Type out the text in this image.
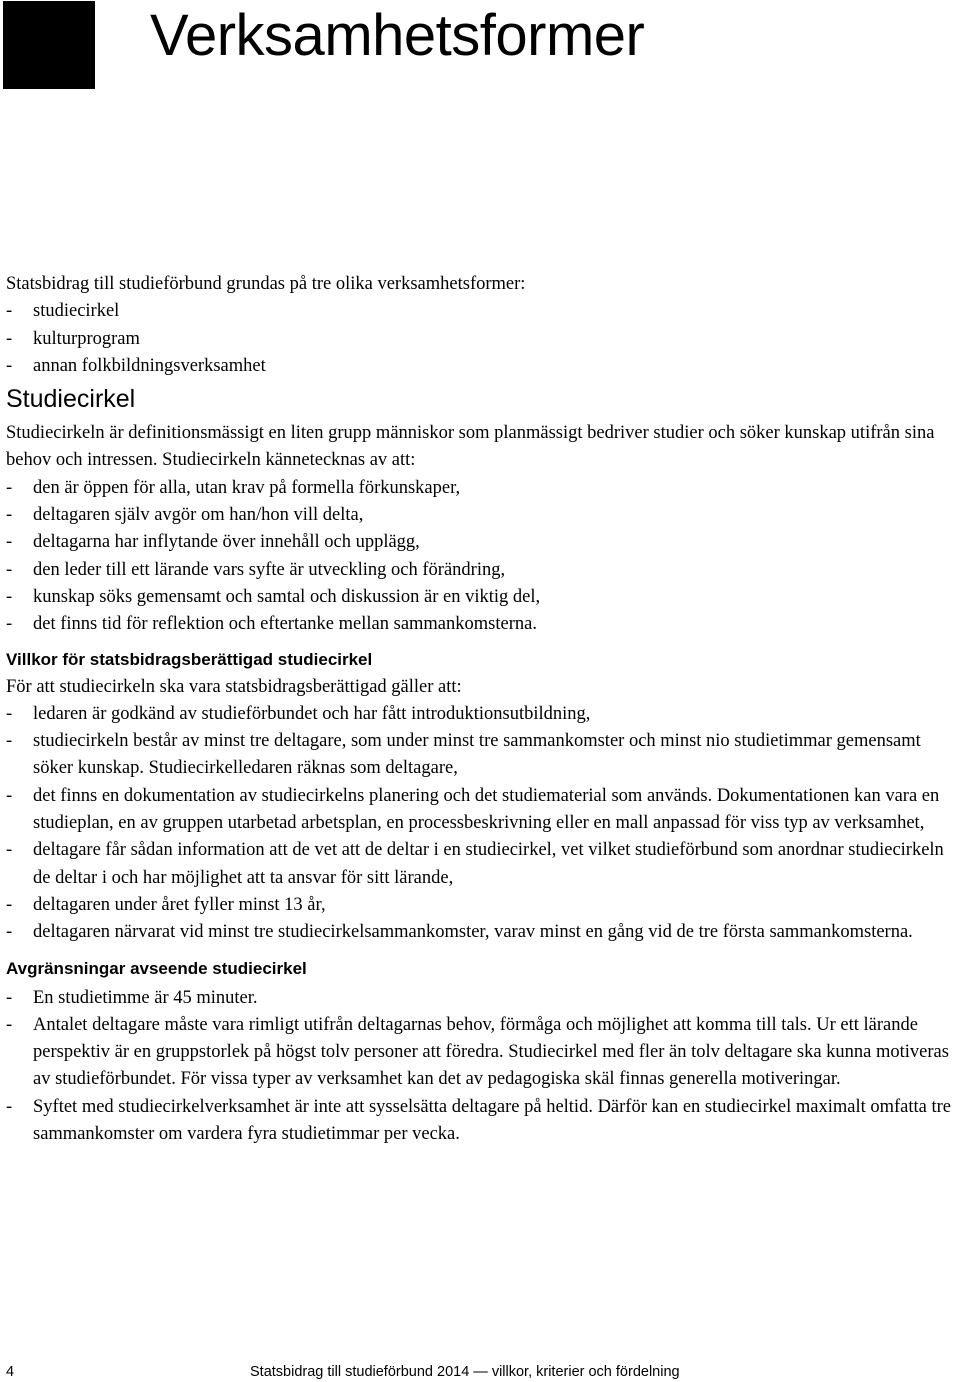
Verksamhetsformer

Statsbidrag till studieförbund grundas på tre olika verksamhetsformer:

- studiecirkel
- kulturprogram
- annan folkbildningsverksamhet
Studiecirkel

Studiecirkeln är definitionsmässigt en liten grupp människor som planmässigt bedriver studier och söker kunskap utifrån sina behov och intressen. Studiecirkeln kännetecknas av att:

- den är öppen för alla, utan krav på formella förkunskaper,
- deltagaren själv avgör om han/hon vill delta,
- deltagarna har inflytande över innehåll och upplägg,
- den leder till ett lärande vars syfte är utveckling och förändring,
- kunskap söks gemensamt och samtal och diskussion är en viktig del,
- det finns tid för reflektion och eftertanke mellan sammankomsterna.
Villkor för statsbidragsberättigad studiecirkel

För att studiecirkeln ska vara statsbidragsberättigad gäller att:

- ledaren är godkänd av studieförbundet och har fått introduktionsutbildning,
- studiecirkeln består av minst tre deltagare, som under minst tre sammankomster och minst nio studietimmar gemensamt söker kunskap. Studiecirkelledaren räknas som deltagare,
- det finns en dokumentation av studiecirkelns planering och det studiematerial som används. Dokumentationen kan vara en studieplan, en av gruppen utarbetad arbetsplan, en processbeskrivning eller en mall anpassad för viss typ av verksamhet,
- deltagare får sådan information att de vet att de deltar i en studiecirkel, vet vilket studieförbund som anordnar studiecirkeln de deltar i och har möjlighet att ta ansvar för sitt lärande,
- deltagaren under året fyller minst 13 år,
- deltagaren närvarat vid minst tre studiecirkelsammankomster, varav minst en gång vid de tre första sammankomsterna.
Avgränsningar avseende studiecirkel
- En studietimme är 45 minuter.
- Antalet deltagare måste vara rimligt utifrån deltagarnas behov, förmåga och möjlighet att komma till tals. Ur ett lärande perspektiv är en gruppstorlek på högst tolv personer att föredra. Studiecirkel med fler än tolv deltagare ska kunna motiveras av studieförbundet. För vissa typer av verksamhet kan det av pedagogiska skäl finnas generella motiveringar.
- Syftet med studiecirkelverksamhet är inte att sysselsätta deltagare på heltid. Därför kan en studiecirkel maximalt omfatta tre sammankomster om vardera fyra studietimmar per vecka.
4	Statsbidrag till studieförbund 2014 — villkor, kriterier och fördelning
